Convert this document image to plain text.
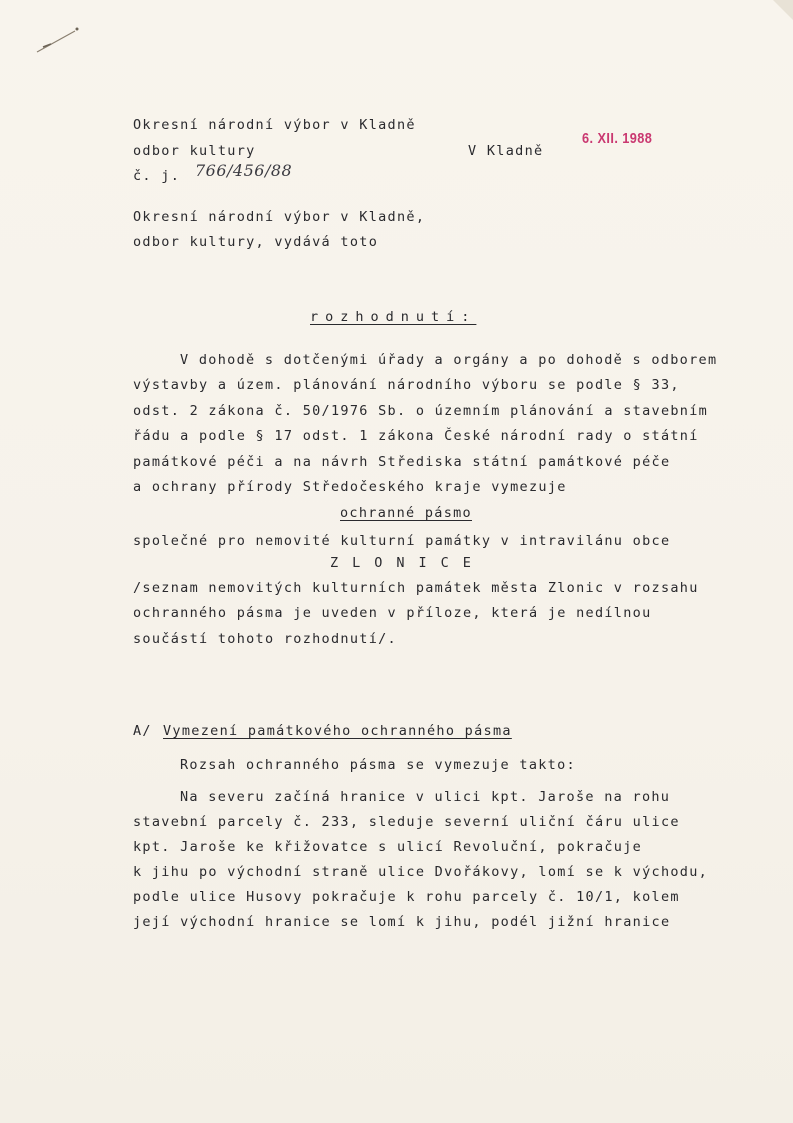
Okresní národní výbor v Kladně
odbor kultury
č. j. 766/456/88
V Kladně
6. XII. 1988
Okresní národní výbor v Kladně,
odbor kultury, vydává toto
rozhodnutí:
V dohodě s dotčenými úřady a orgány a po dohodě s odborem
výstavby a územ. plánování národního výboru se podle § 33,
odst. 2 zákona č. 50/1976 Sb. o územním plánování a stavebním
řádu a podle § 17 odst. 1 zákona České národní rady o státní
památkové péči a na návrh Střediska státní památkové péče
a ochrany přírody Středočeského kraje vymezuje
ochranné pásmo
společné pro nemovité kulturní památky v intravilánu obce
ZLONICE
/seznam nemovitých kulturních památek města Zlonic v rozsahu
ochranného pásma je uveden v příloze, která je nedílnou
součástí tohoto rozhodnutí/.
A/ Vymezení památkového ochranného pásma
Rozsah ochranného pásma se vymezuje takto:
Na severu začíná hranice v ulici kpt. Jaroše na rohu
stavební parcely č. 233, sleduje severní uliční čáru ulice
kpt. Jaroše ke křižovatce s ulicí Revoluční, pokračuje
k jihu po východní straně ulice Dvořákovy, lomí se k východu,
podle ulice Husovy pokračuje k rohu parcely č. 10/1, kolem
její východní hranice se lomí k jihu, podél jižní hranice
